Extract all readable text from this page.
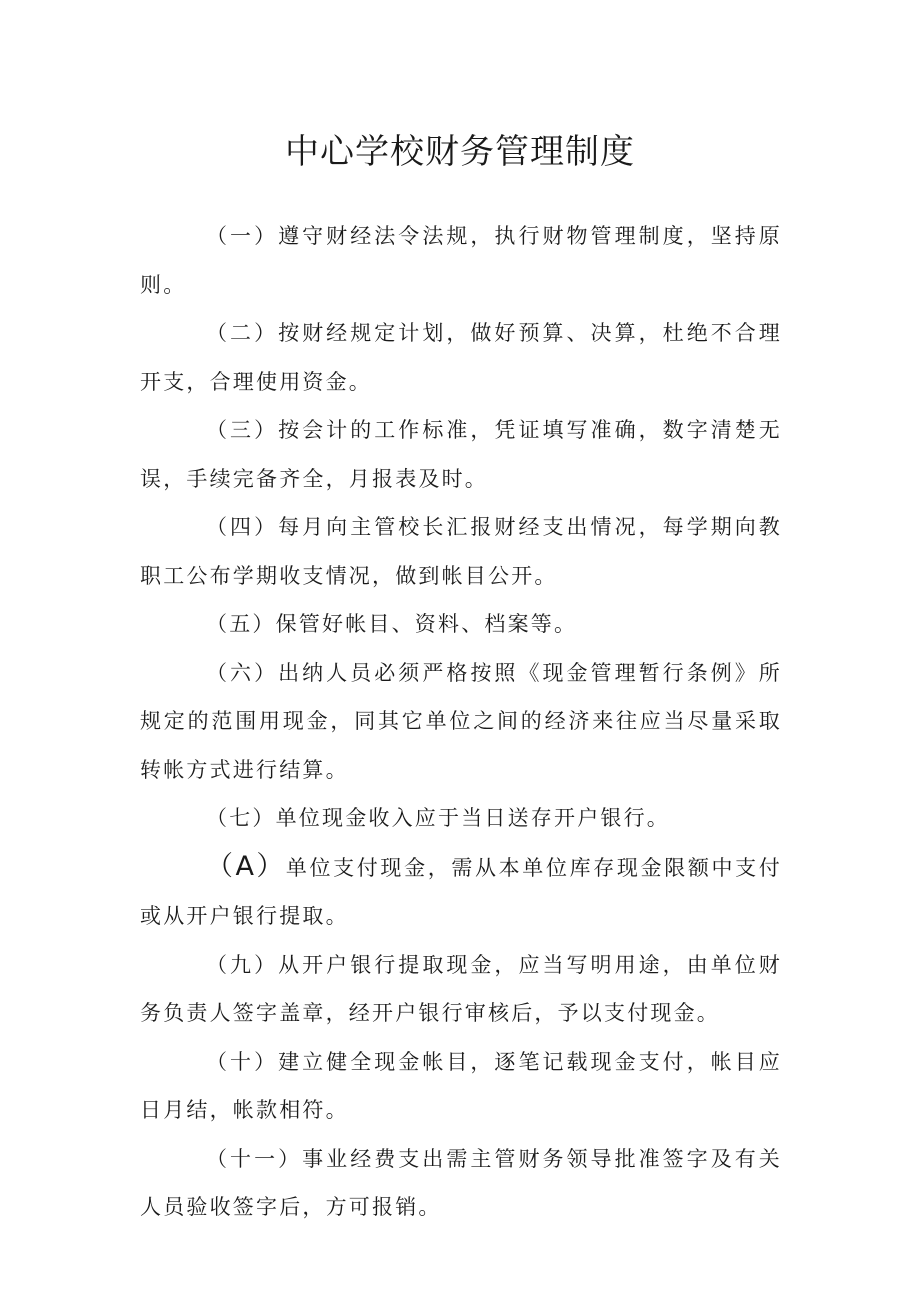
中心学校财务管理制度

（一）遵守财经法令法规，执行财物管理制度，坚持原则。

（二）按财经规定计划，做好预算、决算，杜绝不合理开支，合理使用资金。

（三）按会计的工作标准，凭证填写准确，数字清楚无误，手续完备齐全，月报表及时。

（四）每月向主管校长汇报财经支出情况，每学期向教职工公布学期收支情况，做到帐目公开。

（五）保管好帐目、资料、档案等。

（六）出纳人员必须严格按照《现金管理暂行条例》所规定的范围用现金，同其它单位之间的经济来往应当尽量采取转帐方式进行结算。

（七）单位现金收入应于当日送存开户银行。

（A）单位支付现金，需从本单位库存现金限额中支付或从开户银行提取。

（九）从开户银行提取现金，应当写明用途，由单位财务负责人签字盖章，经开户银行审核后，予以支付现金。

（十）建立健全现金帐目，逐笔记载现金支付，帐目应日月结，帐款相符。

（十一）事业经费支出需主管财务领导批准签字及有关人员验收签字后，方可报销。
